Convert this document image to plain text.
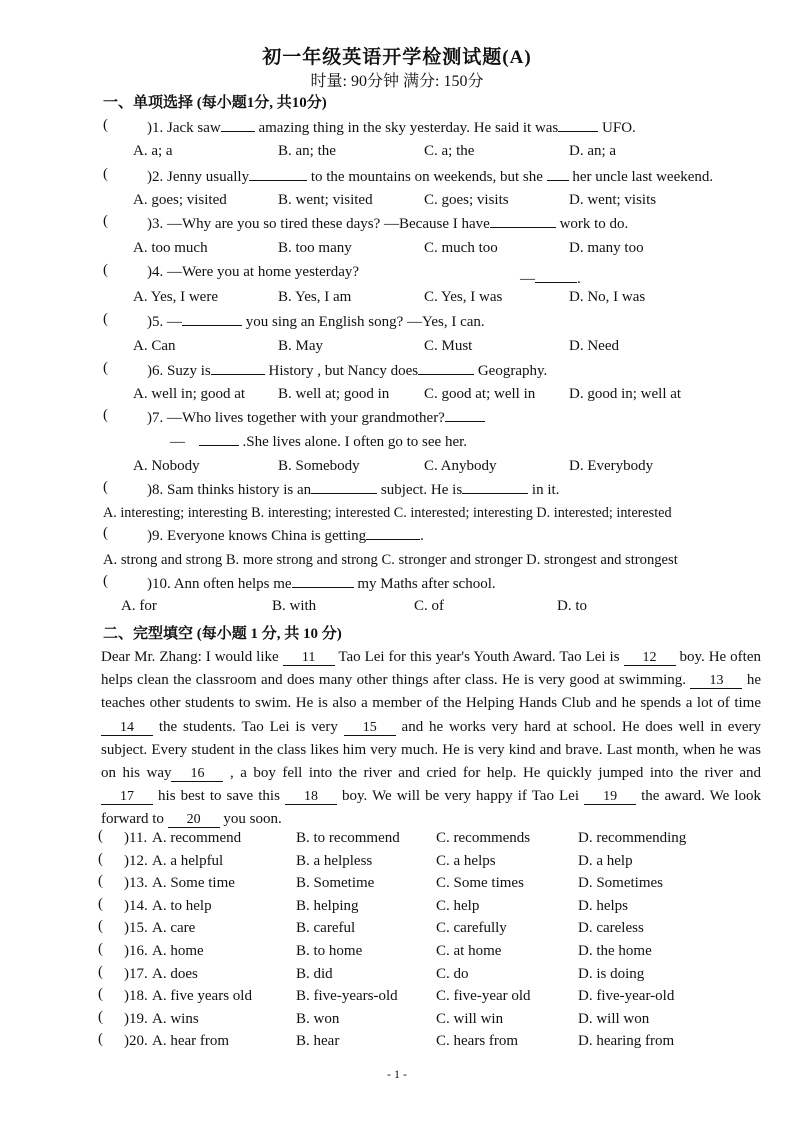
初一年级英语开学检测试题(A)
时量: 90分钟 满分: 150分
一、单项选择 (每小题1分, 共10分)
(	)1. Jack saw amazing thing in the sky yesterday. He said it was	UFO.
A. a; a	B. an; the	C. a; the	D. an; a
(	)2. Jenny usually	to the mountains on weekends, but she  her uncle last weekend.
A. goes; visited	B. went; visited	C. goes; visits	D. went; visits
(	)3. —Why are you so tired these days? —Because I have	work to do.
A. too much	B. too many	C. much too	D. many too
(
—	.
)4. —Were you at home yesterday?
A. Yes, I were	B. Yes, I am	C. Yes, I was	D. No, I was
(	)5. —	you sing an English song? —Yes, I can.
A. Can	B. May	C. Must	D. Need
(	)6. Suzy is	History , but Nancy does	Geography.
A. well in; good at B. well at; good in C. good at; well in D. good in; well at
(
—	.She lives alone. I often go to see her.
)7. —Who lives together with your grandmother?
A. Nobody	B. Somebody	C. Anybody	D. Everybody
(	)8. Sam thinks history is an	subject. He is	in it.
A. interesting; interesting B. interesting; interested C. interested; interesting D. interested; interested
(	)9. Everyone knows China is getting	.
A. strong and strong B. more strong and strong C. stronger and stronger D. strongest and strongest
(	)10. Ann often helps me	my Maths after school.
A. for	B. with	C. of	D. to
二、完型填空 (每小题 1 分, 共 10 分)
Dear Mr. Zhang: I would like 11 Tao Lei for this year's Youth Award. Tao Lei is 12 boy. He often helps clean the classroom and does many other things after class. He is very good at swimming. 13 he teaches other students to swim. He is also a member of the Helping Hands Club and he spends a lot of time 14 the students. Tao Lei is very 15 and he works very hard at school. He does well in every subject. Every student in the class likes him very much. He is very kind and brave. Last month, when he was on his way 16 , a boy fell into the river and cried for help. He quickly jumped into the river and 17 his best to save this 18 boy. We will be very happy if Tao Lei 19 the award. We look forward to 20 you soon.
( )11. A. recommend	B. to recommend C. recommends	D. recommending
( )12. A. a helpful	B. a helpless	C. a helps	D. a help
( )13. A. Some time	B. Sometime	C. Some times	D. Sometimes
( )14. A. to help	B. helping	C. help	D. helps
( )15. A. care	B. careful	C. carefully	D. careless
( )16. A. home	B. to home	C. at home	D. the home
( )17. A. does	B. did	C. do	D. is doing
( )18. A. five years old	B. five-years-old	C. five-year old	D. five-year-old
( )19. A. wins	B. won	C. will win	D. will won
( )20. A. hear from	B. hear	C. hears from	D. hearing from
- 1 -
